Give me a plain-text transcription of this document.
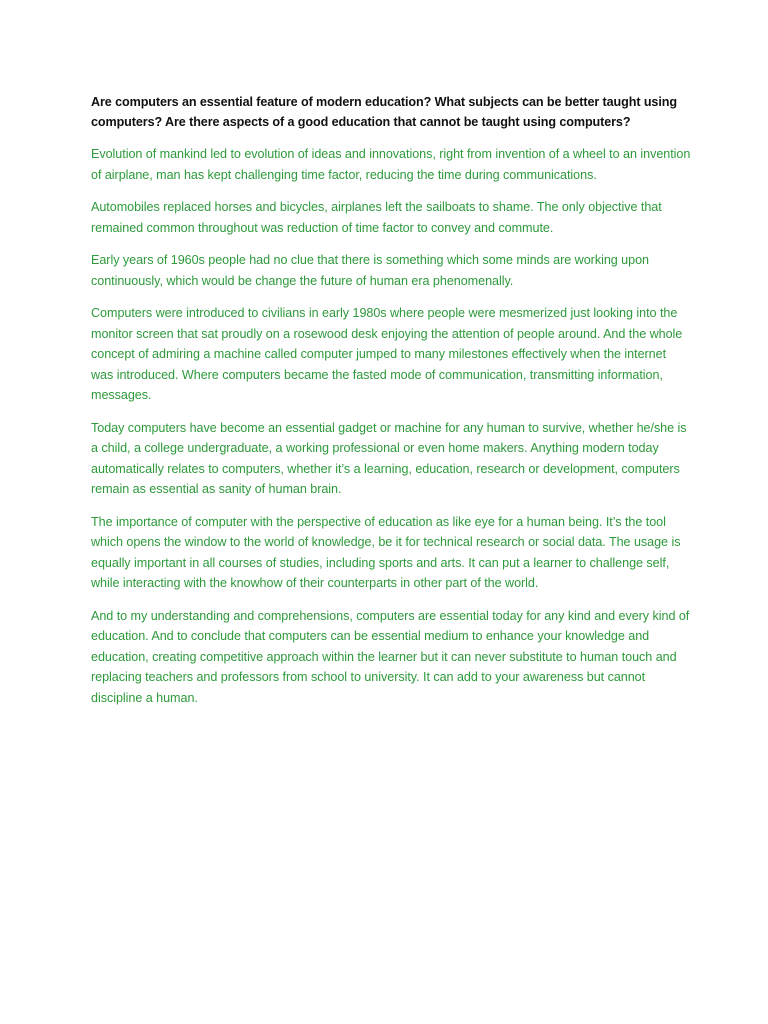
Are computers an essential feature of modern education? What subjects can be better taught using computers? Are there aspects of a good education that cannot be taught using computers?

Evolution of mankind led to evolution of ideas and innovations, right from invention of a wheel to an invention of airplane, man has kept challenging time factor, reducing the time during communications.

Automobiles replaced horses and bicycles, airplanes left the sailboats to shame. The only objective that remained common throughout was reduction of time factor to convey and commute.

Early years of 1960s people had no clue that there is something which some minds are working upon continuously, which would be change the future of human era phenomenally.

Computers were introduced to civilians in early 1980s where people were mesmerized just looking into the monitor screen that sat proudly on a rosewood desk enjoying the attention of people around. And the whole concept of admiring a machine called computer jumped to many milestones effectively when the internet was introduced. Where computers became the fasted mode of communication, transmitting information, messages.

Today computers have become an essential gadget or machine for any human to survive, whether he/she is a child, a college undergraduate, a working professional or even home makers. Anything modern today automatically relates to computers, whether it’s a learning, education, research or development, computers remain as essential as sanity of human brain.

The importance of computer with the perspective of education as like eye for a human being. It’s the tool which opens the window to the world of knowledge, be it for technical research or social data. The usage is equally important in all courses of studies, including sports and arts. It can put a learner to challenge self, while interacting with the knowhow of their counterparts in other part of the world.

And to my understanding and comprehensions, computers are essential today for any kind and every kind of education. And to conclude that computers can be essential medium to enhance your knowledge and education, creating competitive approach within the learner but it can never substitute to human touch and replacing teachers and professors from school to university. It can add to your awareness but cannot discipline a human.
